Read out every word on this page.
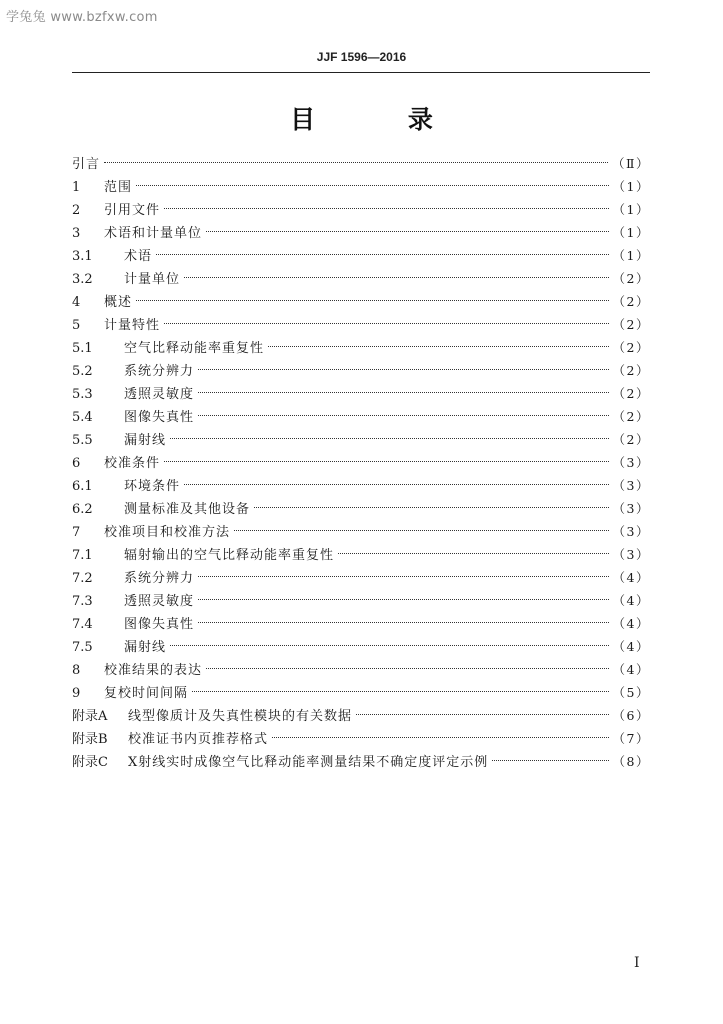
学兔兔 www.bzfxw.com
JJF 1596—2016
目 录
引言	（Ⅱ）
1	范围	（1）
2	引用文件	（1）
3	术语和计量单位	（1）
3.1	术语	（1）
3.2	计量单位	（2）
4	概述	（2）
5	计量特性	（2）
5.1	空气比释动能率重复性	（2）
5.2	系统分辨力	（2）
5.3	透照灵敏度	（2）
5.4	图像失真性	（2）
5.5	漏射线	（2）
6	校准条件	（3）
6.1	环境条件	（3）
6.2	测量标准及其他设备	（3）
7	校准项目和校准方法	（3）
7.1	辐射输出的空气比释动能率重复性	（3）
7.2	系统分辨力	（4）
7.3	透照灵敏度	（4）
7.4	图像失真性	（4）
7.5	漏射线	（4）
8	校准结果的表达	（4）
9	复校时间间隔	（5）
附录A	线型像质计及失真性模块的有关数据	（6）
附录B	校准证书内页推荐格式	（7）
附录C	X射线实时成像空气比释动能率测量结果不确定度评定示例	（8）
I
